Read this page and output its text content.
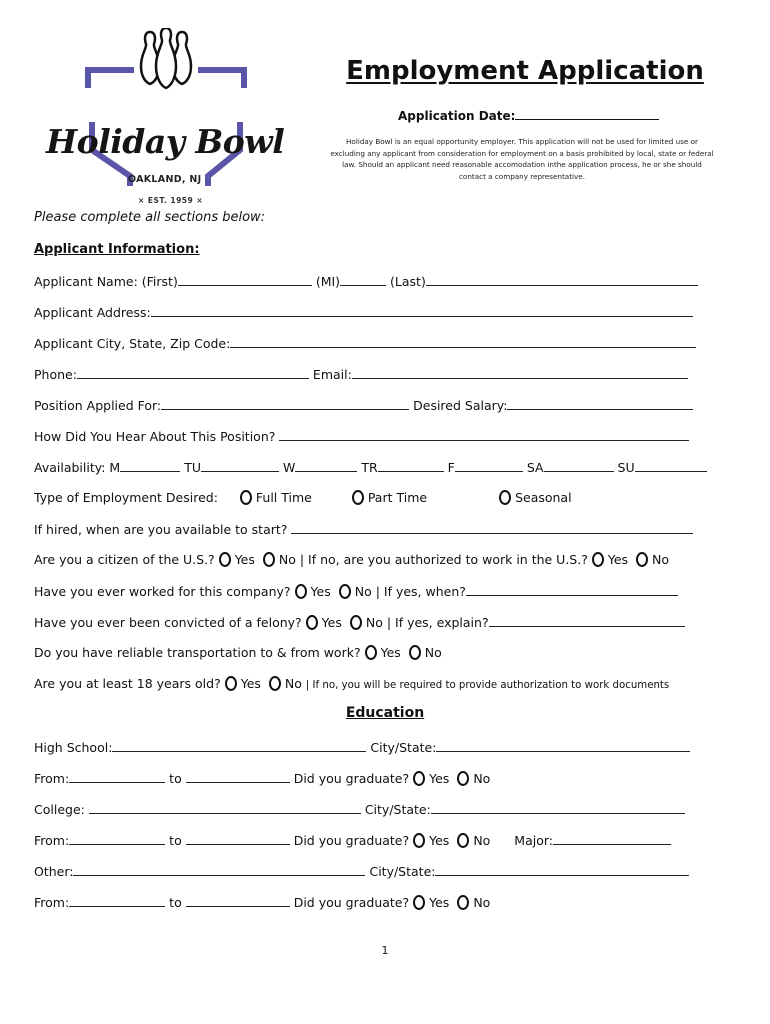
Holiday Bowl
OAKLAND, NJ
× EST. 1959 ×
Employment Application
Application Date:
Holiday Bowl is an equal opportunity employer. This application will not be used for limited use or excluding any applicant from consideration for employment on a basis prohibited by local, state or federal law. Should an applicant need reasonable accomodation inthe application process, he or she should contact a company representative.
Please complete all sections below:
Applicant Information:
Applicant Name: (First)	(MI)	(Last)
Applicant Address:
Applicant City, State, Zip Code:
Phone:	Email:
Position Applied For:	Desired Salary:
How Did You Hear About This Position?
Availability: M	TU	W	TR	F	SA	SU
Type of Employment Desired:	Full Time	Part Time	Seasonal
If hired, when are you available to start?
Are you a citizen of the U.S.? Yes No | If no, are you authorized to work in the U.S.? Yes No
Have you ever worked for this company? Yes No | If yes, when?
Have you ever been convicted of a felony? Yes No | If yes, explain?
Do you have reliable transportation to & from work? Yes No
Are you at least 18 years old? Yes No | If no, you will be required to provide authorization to work documents
Education
High School:	City/State:
From:	to	Did you graduate? Yes No
College:	City/State:
From:	to	Did you graduate? Yes No Major:
Other:	City/State:
From:	to	Did you graduate? Yes No
1
